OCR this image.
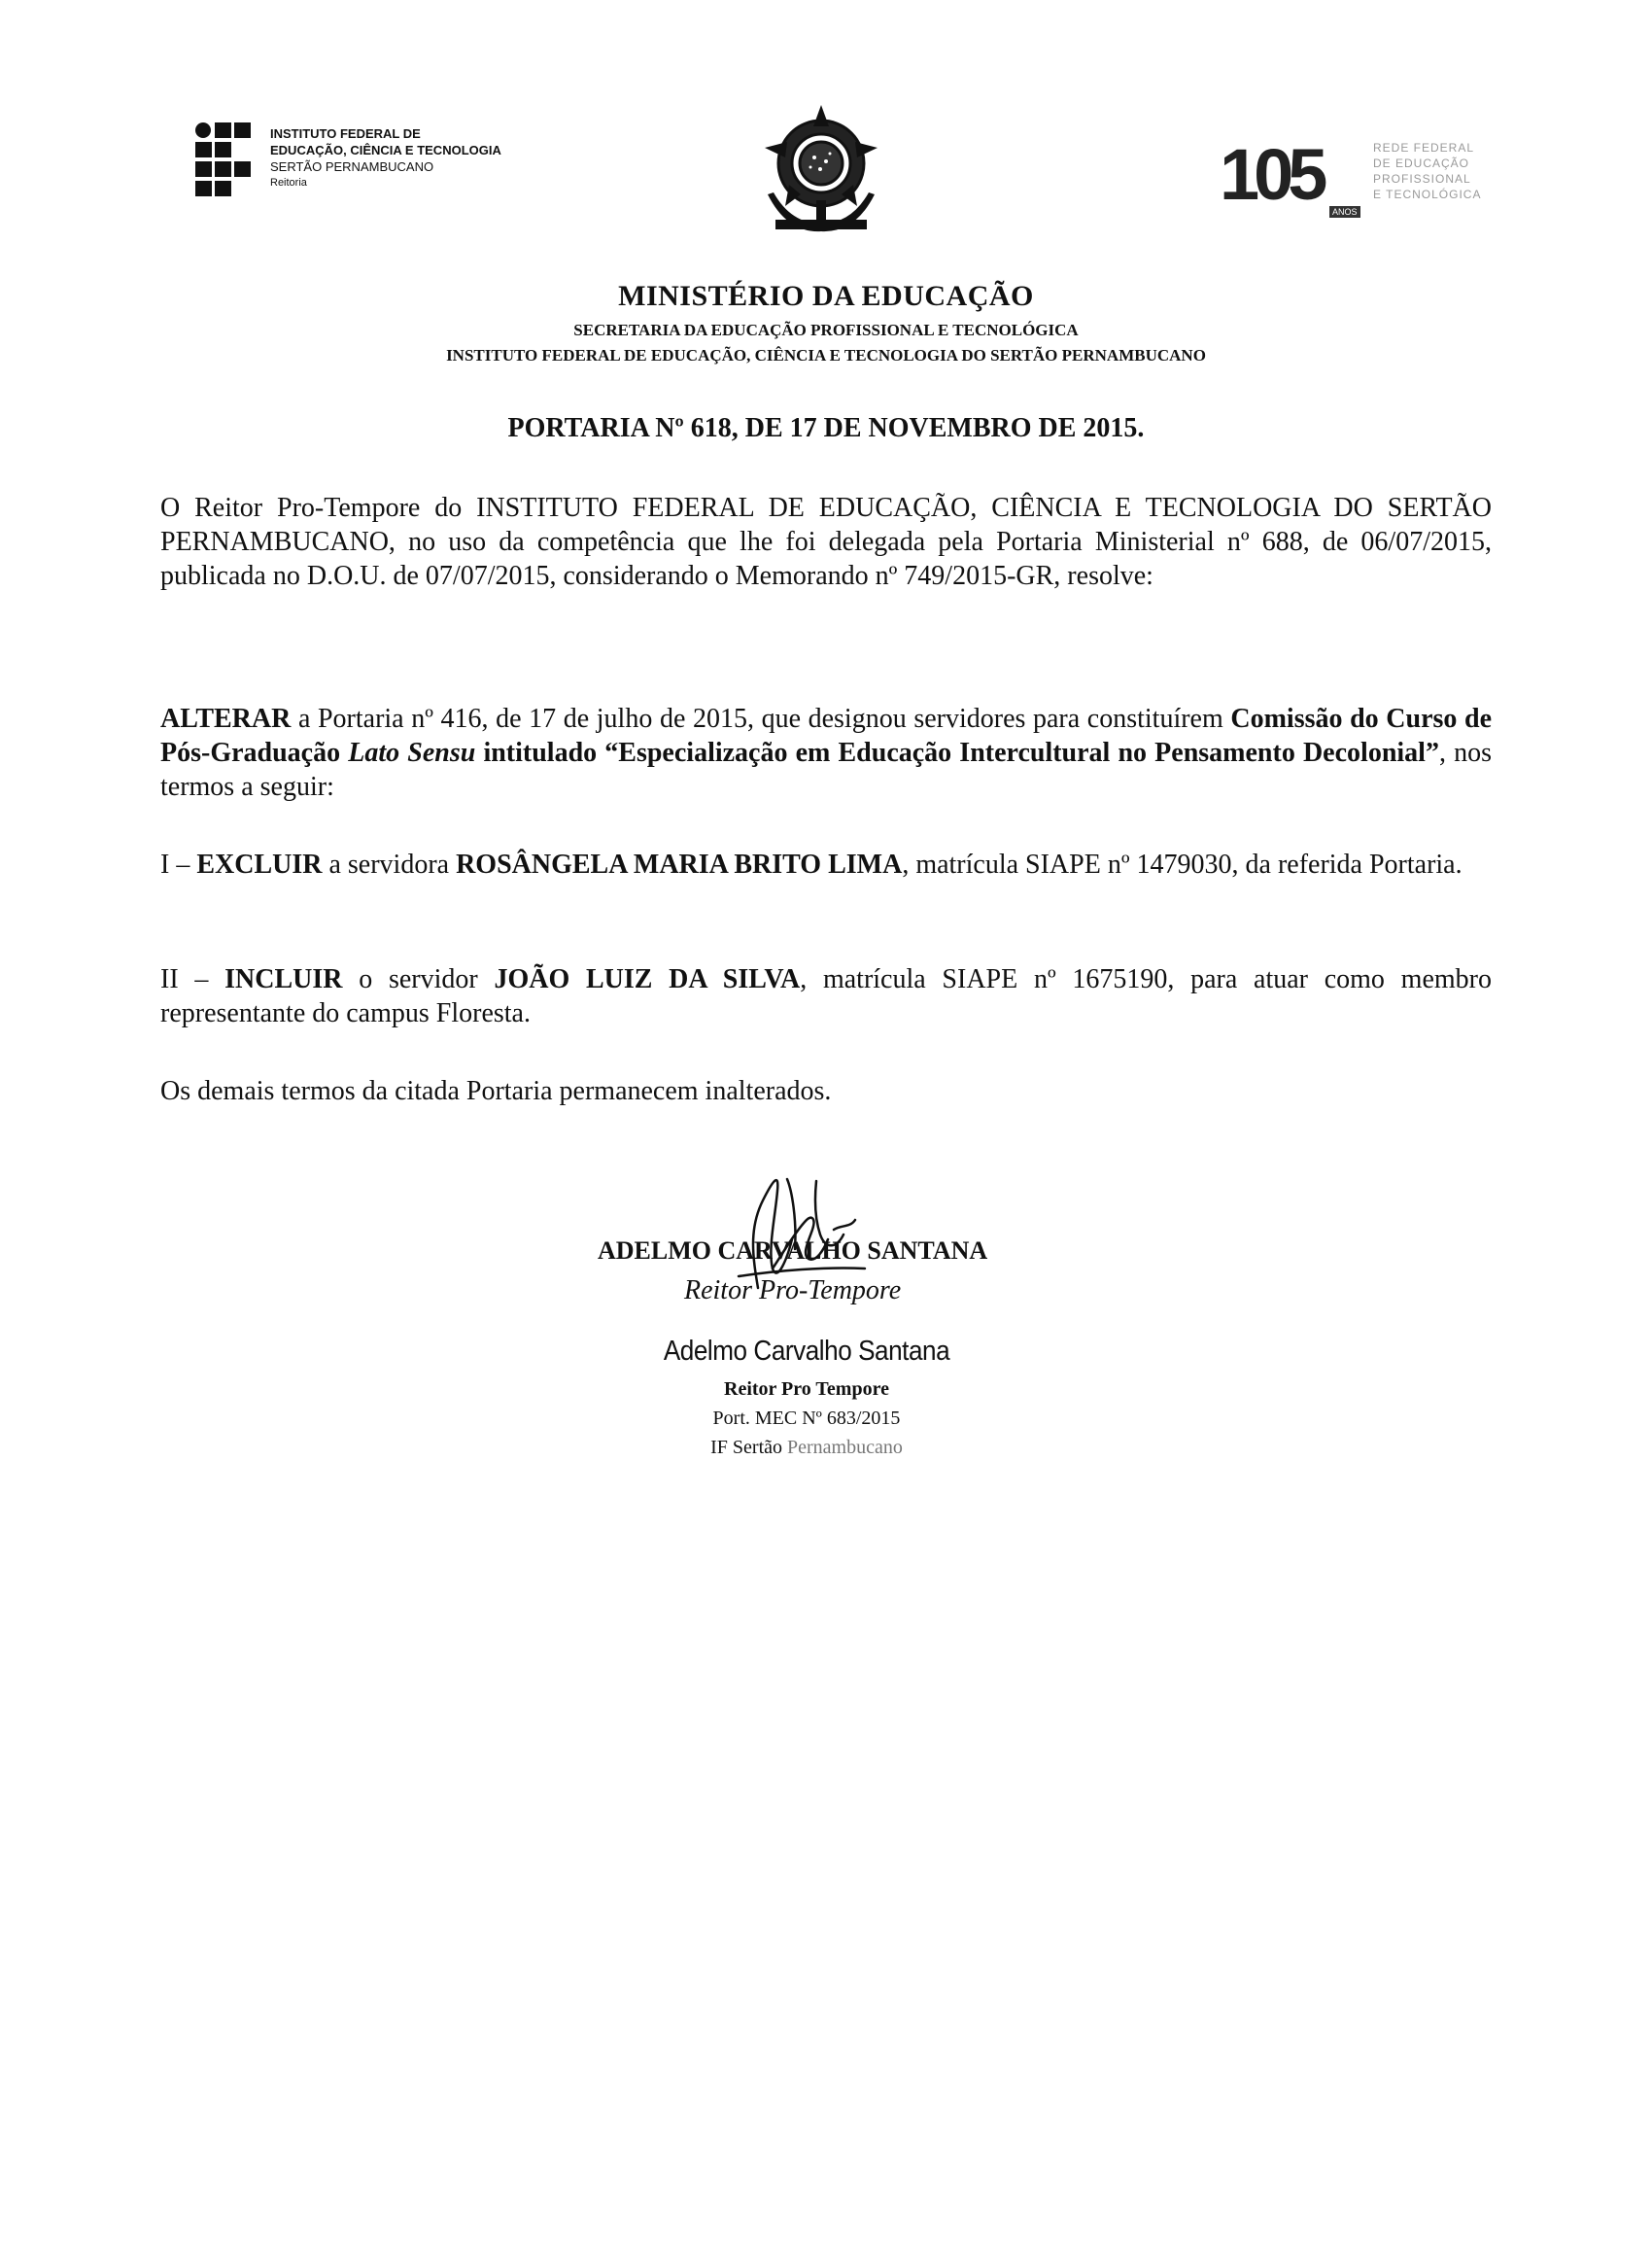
INSTITUTO FEDERAL DE
EDUCAÇÃO, CIÊNCIA E TECNOLOGIA
SERTÃO PERNAMBUCANO
Reitoria	105	ANOS
REDE FEDERAL
DE EDUCAÇÃO
PROFISSIONAL
E TECNOLÓGICA
MINISTÉRIO DA EDUCAÇÃO
SECRETARIA DA EDUCAÇÃO PROFISSIONAL E TECNOLÓGICA
INSTITUTO FEDERAL DE EDUCAÇÃO, CIÊNCIA E TECNOLOGIA DO SERTÃO PERNAMBUCANO
PORTARIA Nº 618, DE 17 DE NOVEMBRO DE 2015.
O Reitor Pro-Tempore do INSTITUTO FEDERAL DE EDUCAÇÃO, CIÊNCIA E TECNOLOGIA DO SERTÃO PERNAMBUCANO, no uso da competência que lhe foi delegada pela Portaria Ministerial nº 688, de 06/07/2015, publicada no D.O.U. de 07/07/2015, considerando o Memorando nº 749/2015-GR, resolve:
ALTERAR a Portaria nº 416, de 17 de julho de 2015, que designou servidores para constituírem Comissão do Curso de Pós-Graduação Lato Sensu intitulado “Especialização em Educação Intercultural no Pensamento Decolonial”, nos termos a seguir:
I – EXCLUIR a servidora ROSÂNGELA MARIA BRITO LIMA, matrícula SIAPE nº 1479030, da referida Portaria.
II – INCLUIR o servidor JOÃO LUIZ DA SILVA, matrícula SIAPE nº 1675190, para atuar como membro representante do campus Floresta.
Os demais termos da citada Portaria permanecem inalterados.
ADELMO CARVALHO SANTANA
Reitor Pro-Tempore
Adelmo Carvalho Santana
Reitor Pro Tempore
Port. MEC Nº 683/2015
IF Sertão Pernambucano
